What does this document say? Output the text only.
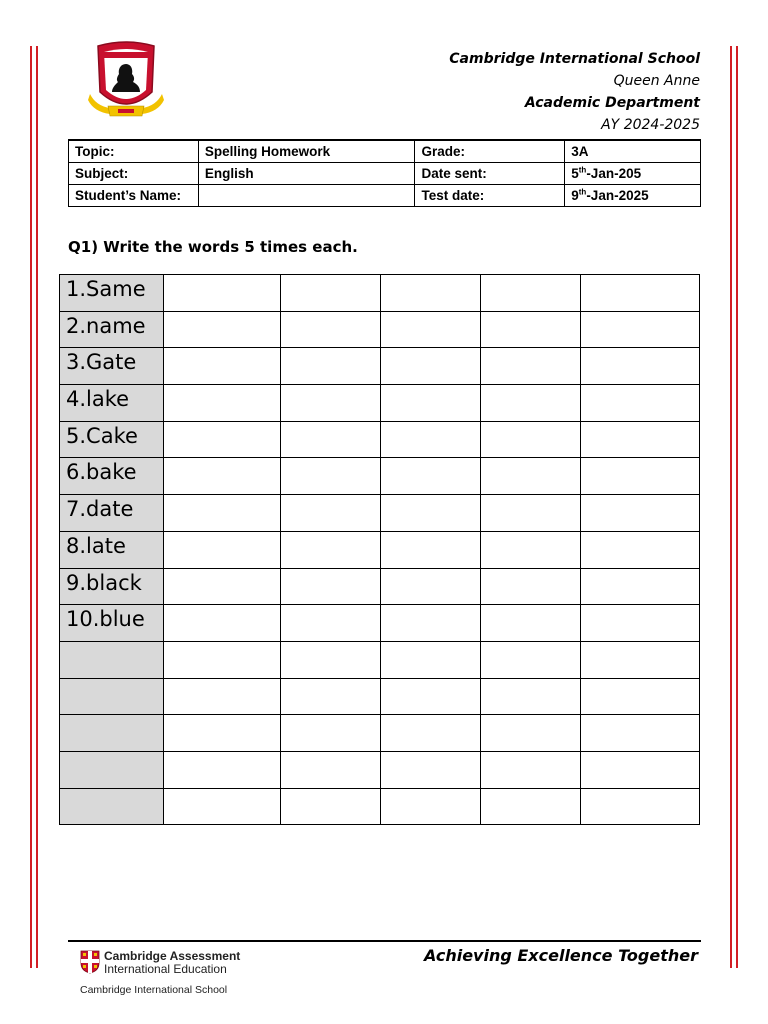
Cambridge International School
Queen Anne
Academic Department
AY 2024-2025
Topic:	Spelling Homework	Grade:	3A
Subject:	English	Date sent:	5th-Jan-205
Student’s Name:		Test date:	9th-Jan-2025
Q1) Write the words 5 times each.
1.Same					
2.name					
3.Gate					
4.lake					
5.Cake					
6.bake					
7.date					
8.late					
9.black					
10.blue					

Cambridge Assessment
International Education
Cambridge International School
Achieving Excellence Together
